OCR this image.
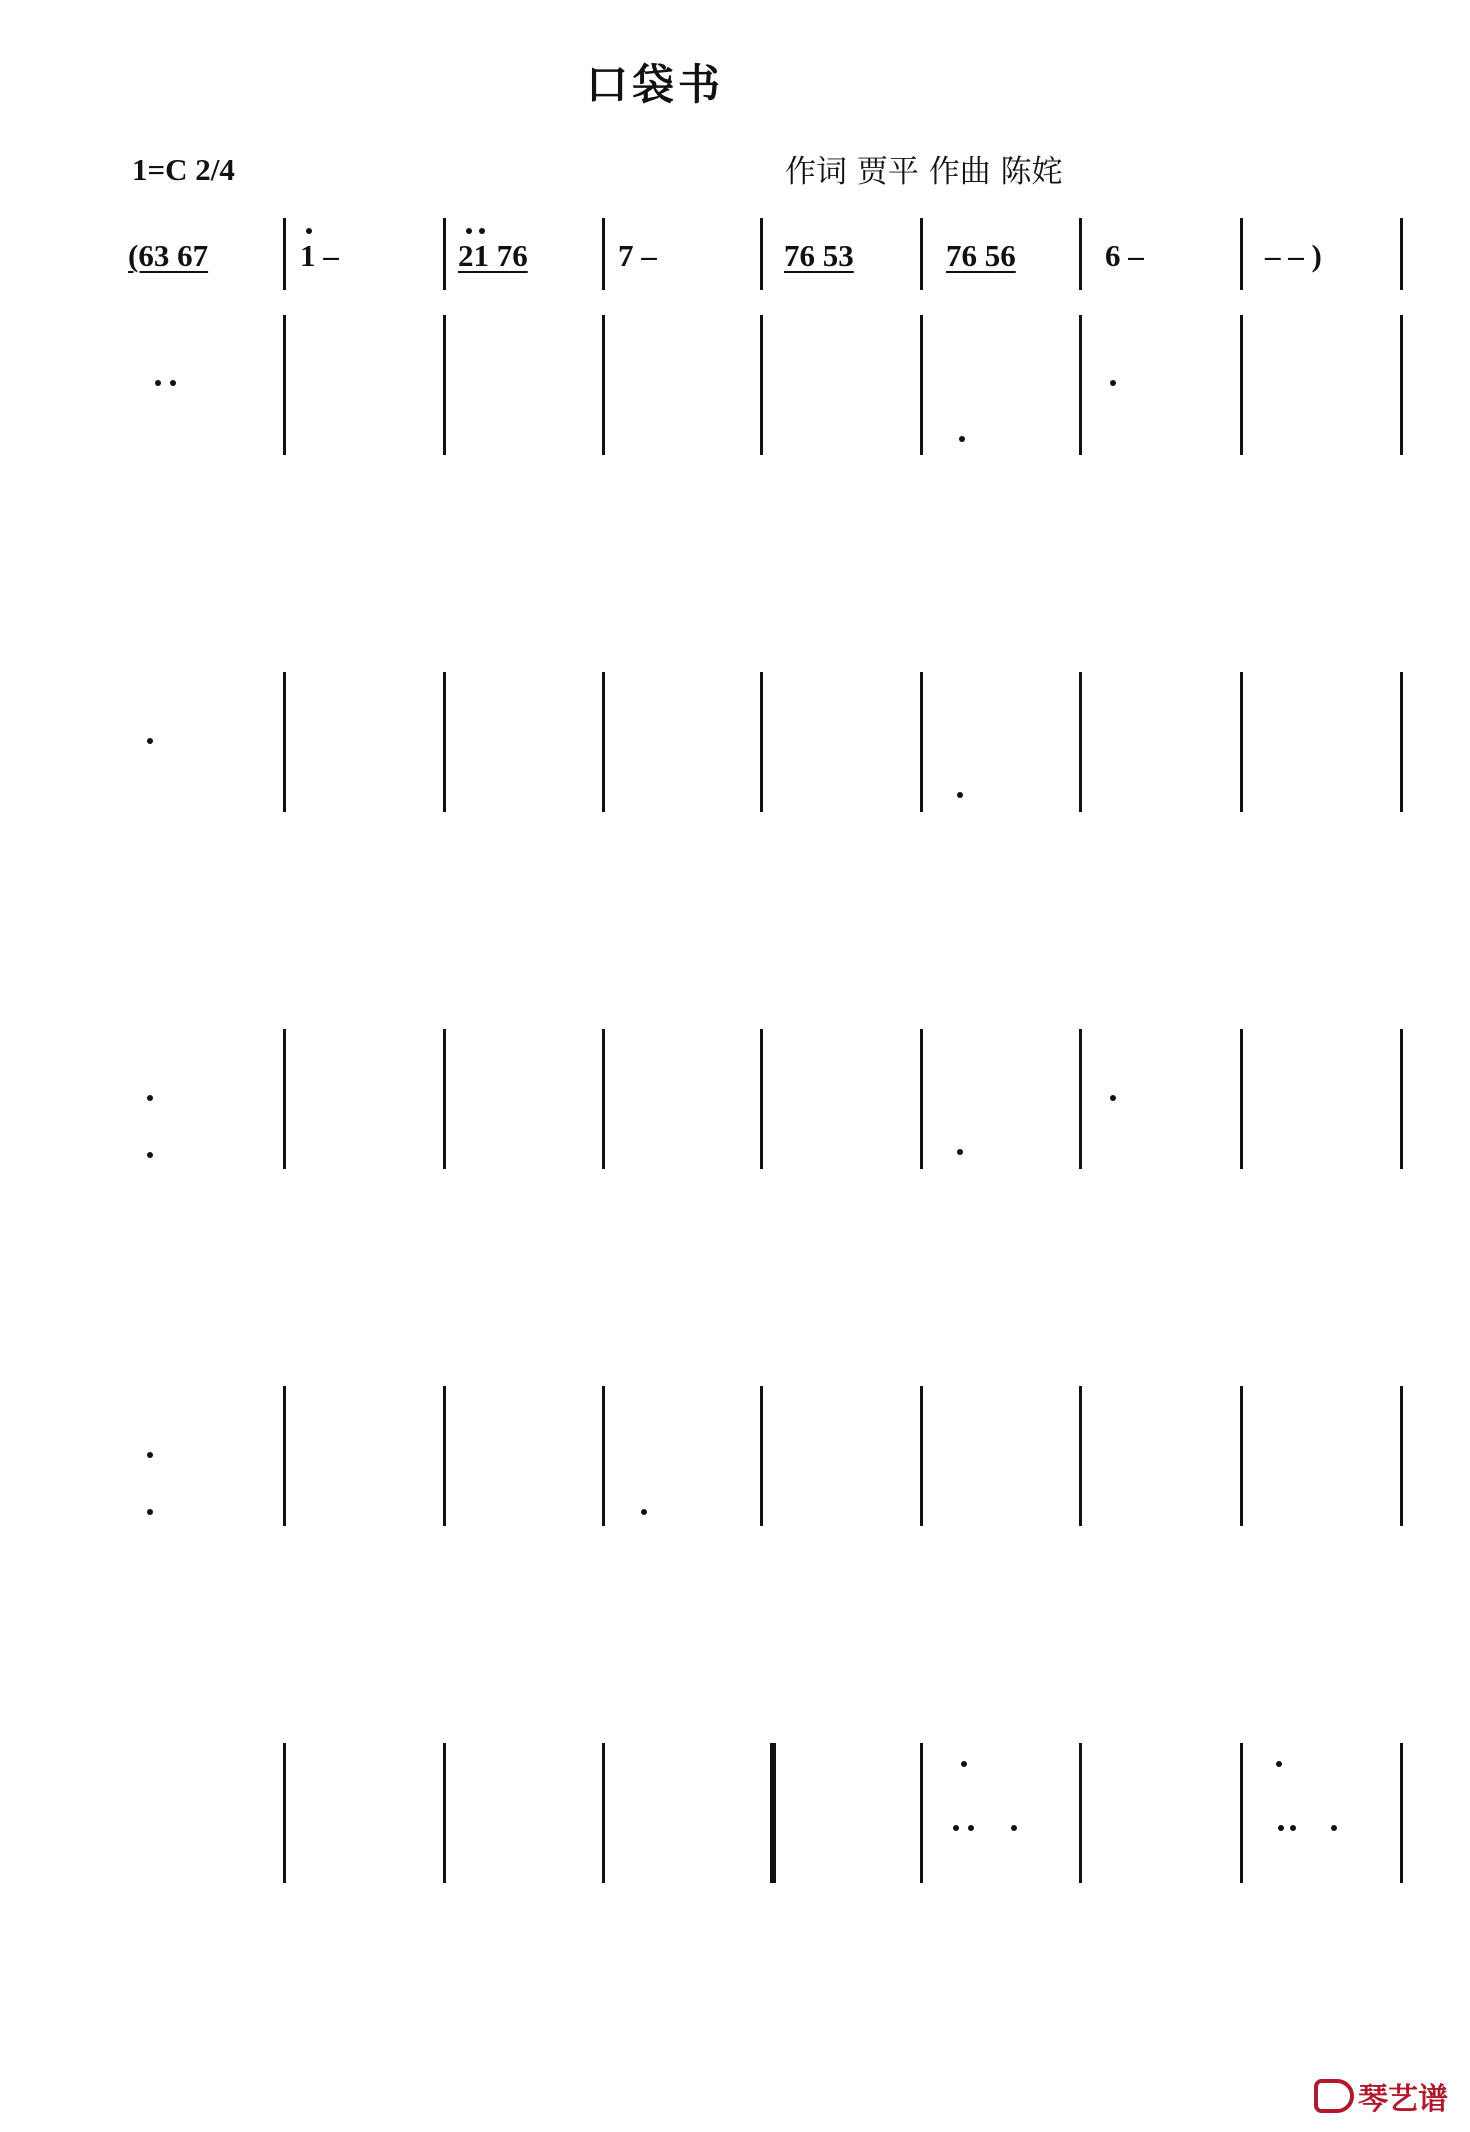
口袋书
1=C 2/4	作词 贾平 作曲 陈姹
(63 67	1 –	21 76	7 –	76 53	76 56	6 –	– – )
琴艺谱
